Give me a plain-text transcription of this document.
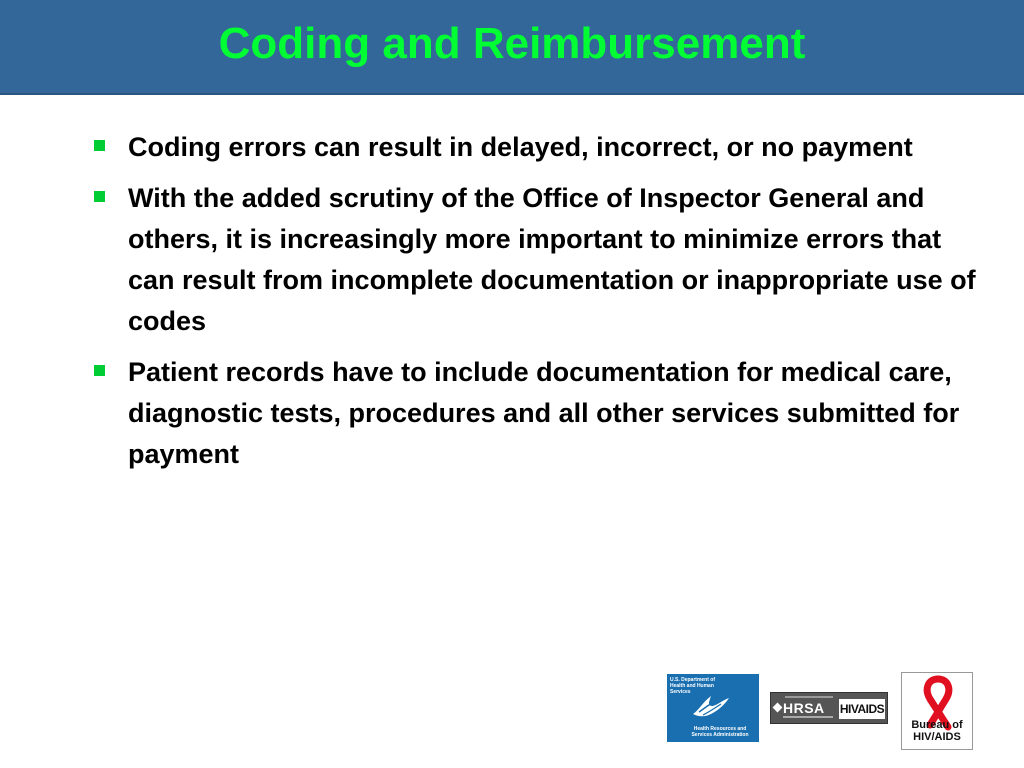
Coding and Reimbursement
Coding errors can result in delayed, incorrect, or no payment
With the added scrutiny of the Office of Inspector General and others, it is increasingly more important to minimize errors that can result from incomplete documentation or inappropriate use of codes
Patient records have to include documentation for medical care, diagnostic tests, procedures and all other services submitted for payment
U.S. Department of Health and Human Services
Health Resources and Services Administration
HRSA HIVAIDS
Bureau of HIV/AIDS
